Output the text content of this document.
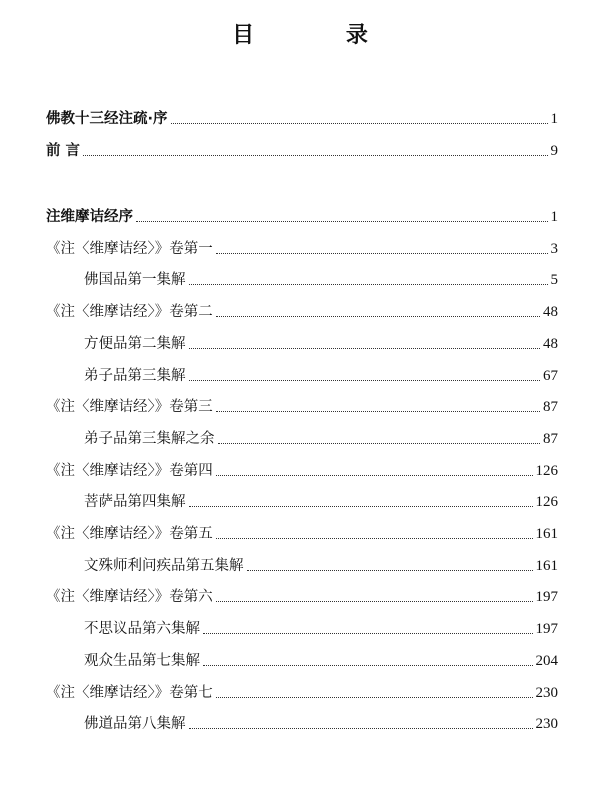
目 录
佛教十三经注疏·序	1
前 言	9
注维摩诘经序	1
《注〈维摩诘经〉》卷第一	3
佛国品第一集解	5
《注〈维摩诘经〉》卷第二	48
方便品第二集解	48
弟子品第三集解	67
《注〈维摩诘经〉》卷第三	87
弟子品第三集解之余	87
《注〈维摩诘经〉》卷第四	126
菩萨品第四集解	126
《注〈维摩诘经〉》卷第五	161
文殊师利问疾品第五集解	161
《注〈维摩诘经〉》卷第六	197
不思议品第六集解	197
观众生品第七集解	204
《注〈维摩诘经〉》卷第七	230
佛道品第八集解	230
